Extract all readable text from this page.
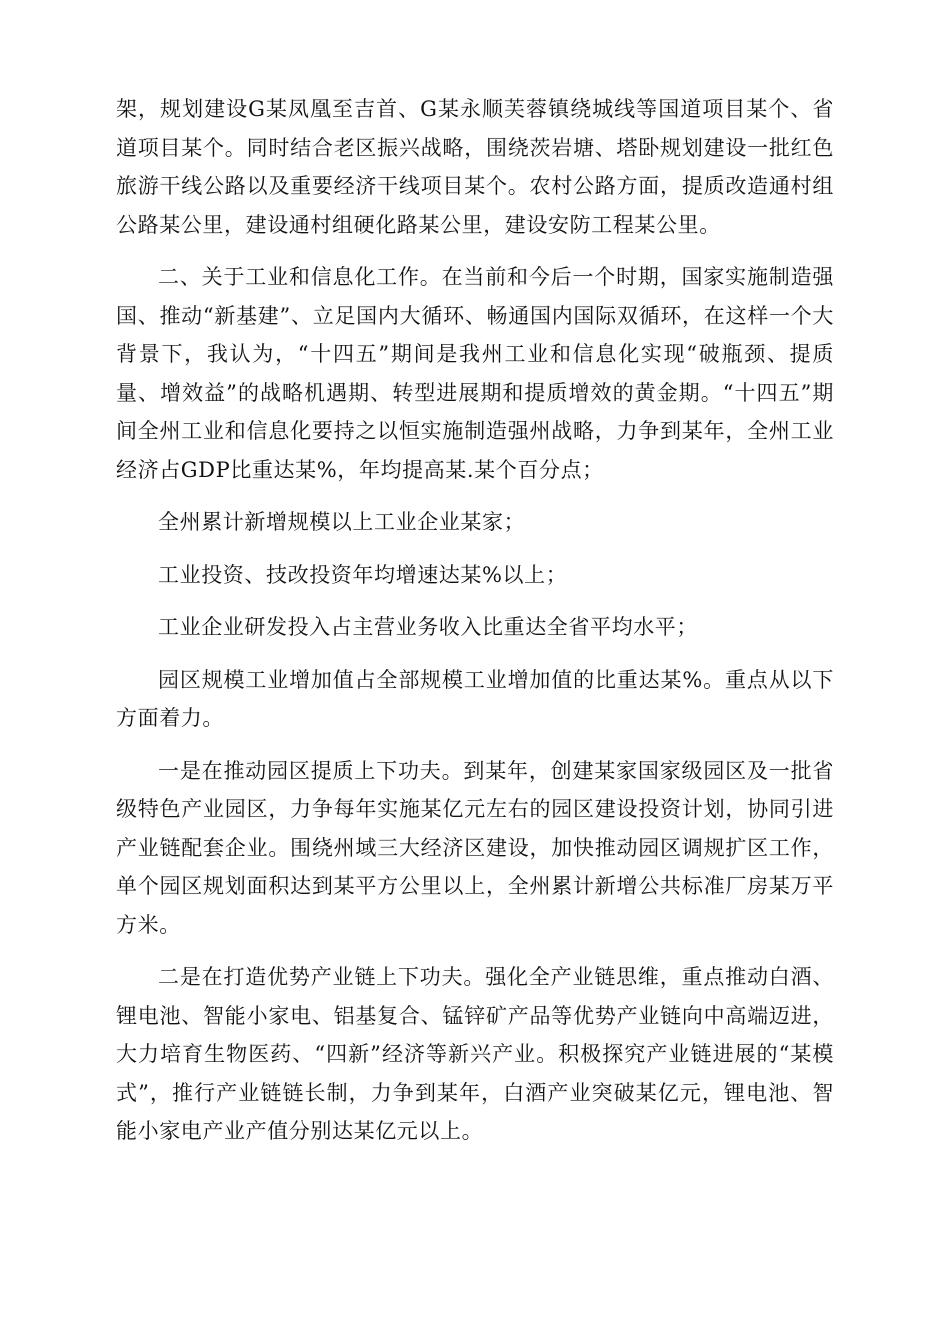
架，规划建设G某凤凰至吉首、G某永顺芙蓉镇绕城线等国道项目某个、省道项目某个。同时结合老区振兴战略，围绕茨岩塘、塔卧规划建设一批红色旅游干线公路以及重要经济干线项目某个。农村公路方面，提质改造通村组公路某公里，建设通村组硬化路某公里，建设安防工程某公里。

二、关于工业和信息化工作。在当前和今后一个时期，国家实施制造强国、推动“新基建”、立足国内大循环、畅通国内国际双循环，在这样一个大背景下，我认为，“十四五”期间是我州工业和信息化实现“破瓶颈、提质量、增效益”的战略机遇期、转型进展期和提质增效的黄金期。“十四五”期间全州工业和信息化要持之以恒实施制造强州战略，力争到某年，全州工业经济占GDP比重达某%，年均提高某.某个百分点；

全州累计新增规模以上工业企业某家；

工业投资、技改投资年均增速达某%以上；

工业企业研发投入占主营业务收入比重达全省平均水平；

园区规模工业增加值占全部规模工业增加值的比重达某%。重点从以下方面着力。

一是在推动园区提质上下功夫。到某年，创建某家国家级园区及一批省级特色产业园区，力争每年实施某亿元左右的园区建设投资计划，协同引进产业链配套企业。围绕州域三大经济区建设，加快推动园区调规扩区工作，单个园区规划面积达到某平方公里以上，全州累计新增公共标准厂房某万平方米。

二是在打造优势产业链上下功夫。强化全产业链思维，重点推动白酒、锂电池、智能小家电、铝基复合、锰锌矿产品等优势产业链向中高端迈进，大力培育生物医药、“四新”经济等新兴产业。积极探究产业链进展的“某模式”，推行产业链链长制，力争到某年，白酒产业突破某亿元，锂电池、智能小家电产业产值分别达某亿元以上。
